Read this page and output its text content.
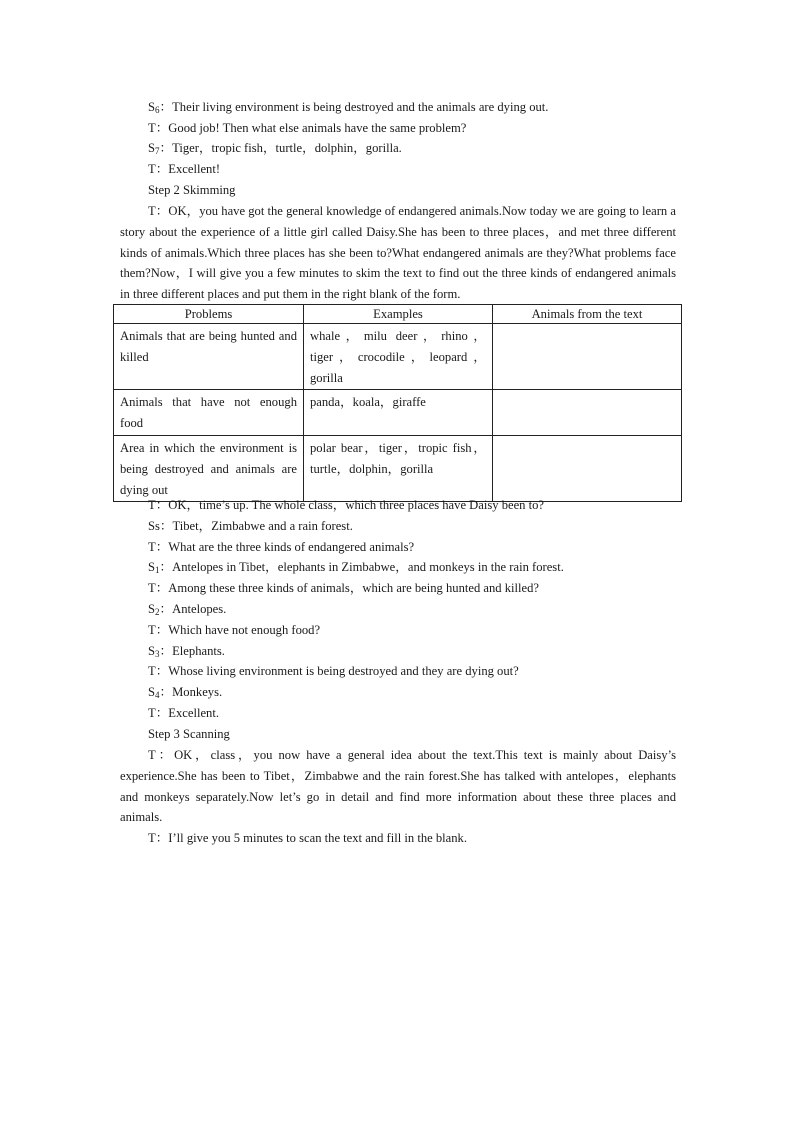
$S_6$：Their living environment is being destroyed and the animals are dying out.
T：Good job! Then what else animals have the same problem?
$S_7$：Tiger，tropic fish，turtle，dolphin，gorilla.
T：Excellent!
Step 2 Skimming
T：OK，you have got the general knowledge of endangered animals.Now today we are going to learn a story about the experience of a little girl called Daisy.She has been to three places，and met three different kinds of animals.Which three places has she been to?What endangered animals are they?What problems face them?Now，I will give you a few minutes to skim the text to find out the three kinds of endangered animals in three different places and put them in the right blank of the form.
Problems	Examples	Animals from the text
Animals that are being hunted and killed	whale，milu deer，rhino，tiger，crocodile，leopard，gorilla	
Animals that have not enough food	panda，koala，giraffe	
Area in which the environment is being destroyed and animals are dying out	polar bear，tiger，tropic fish，turtle，dolphin，gorilla	
T：OK，time’s up. The whole class，which three places have Daisy been to?
Ss：Tibet，Zimbabwe and a rain forest.
T：What are the three kinds of endangered animals?
$S_1$：Antelopes in Tibet，elephants in Zimbabwe，and monkeys in the rain forest.
T：Among these three kinds of animals，which are being hunted and killed?
$S_2$：Antelopes.
T：Which have not enough food?
$S_3$：Elephants.
T：Whose living environment is being destroyed and they are dying out?
$S_4$：Monkeys.
T：Excellent.
Step 3 Scanning
T：OK，class，you now have a general idea about the text.This text is mainly about Daisy’s experience.She has been to Tibet，Zimbabwe and the rain forest.She has talked with antelopes，elephants and monkeys separately.Now let’s go in detail and find more information about these three places and animals.
T：I’ll give you 5 minutes to scan the text and fill in the blank.
